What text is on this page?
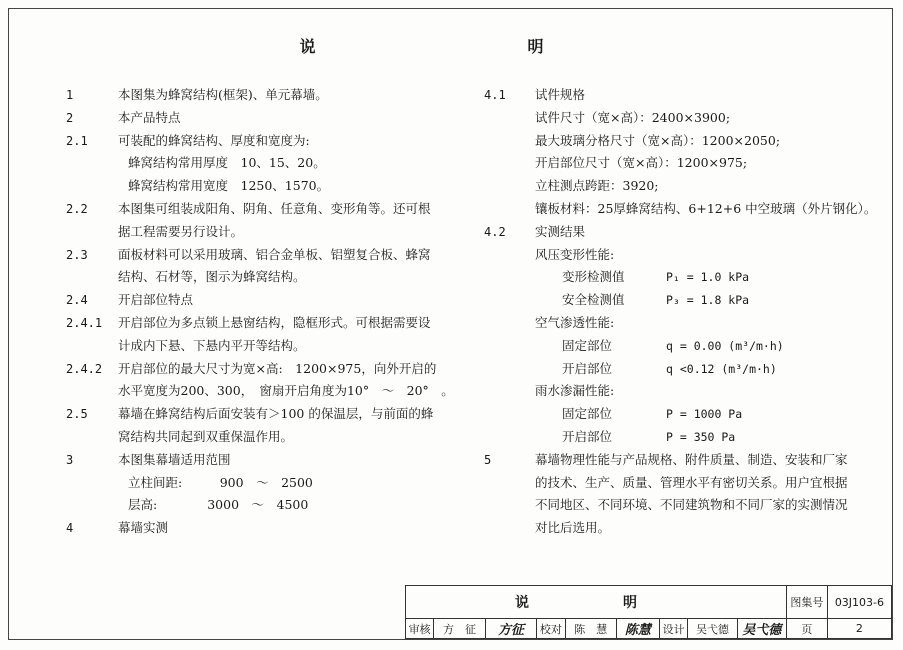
说　　明
1	本图集为蜂窝结构(框架)、单元幕墙。
2	本产品特点
2.1	可装配的蜂窝结构、厚度和宽度为:
蜂窝结构常用厚度　10、15、20。
蜂窝结构常用宽度　1250、1570。
2.2	本图集可组装成阳角、阴角、任意角、变形角等。还可根
据工程需要另行设计。
2.3	面板材料可以采用玻璃、铝合金单板、铝塑复合板、蜂窝
结构、石材等，图示为蜂窝结构。
2.4	开启部位特点
2.4.1	开启部位为多点锁上悬窗结构，隐框形式。可根据需要设
计成内下悬、下悬内平开等结构。
2.4.2	开启部位的最大尺寸为宽×高:　1200×975，向外开启的
水平宽度为200、300，　窗扇开启角度为10°　～　20°　。
2.5	幕墙在蜂窝结构后面安装有＞100 的保温层，与前面的蜂
窝结构共同起到双重保温作用。
3	本图集幕墙适用范围
立柱间距:　　　900　～　2500
层高:　　　　3000　～　4500
4	幕墙实测
4.1	试件规格
试件尺寸（宽×高）：2400×3900;
最大玻璃分格尺寸（宽×高）：1200×2050;
开启部位尺寸（宽×高）：1200×975;
立柱测点跨距：3920;
镶板材料：25厚蜂窝结构、6+12+6 中空玻璃（外片钢化）。
4.2	实测结果
风压变形性能:
变形检测值	P₁ = 1.0 kPa
安全检测值	P₃ = 1.8 kPa
空气渗透性能:
固定部位	q = 0.00 (m³/m·h)
开启部位	q <0.12 (m³/m·h)
雨水渗漏性能:
固定部位	P = 1000 Pa
开启部位	P = 350 Pa
5	幕墙物理性能与产品规格、附件质量、制造、安装和厂家
的技术、生产、质量、管理水平有密切关系。用户宜根据
不同地区、不同环境、不同建筑物和不同厂家的实测情况
对比后选用。
说　明									图集号	03J103-6
审核	方　征	方征	校对	陈　慧	陈慧	设计	吴弋德	吴弋德	页	2
